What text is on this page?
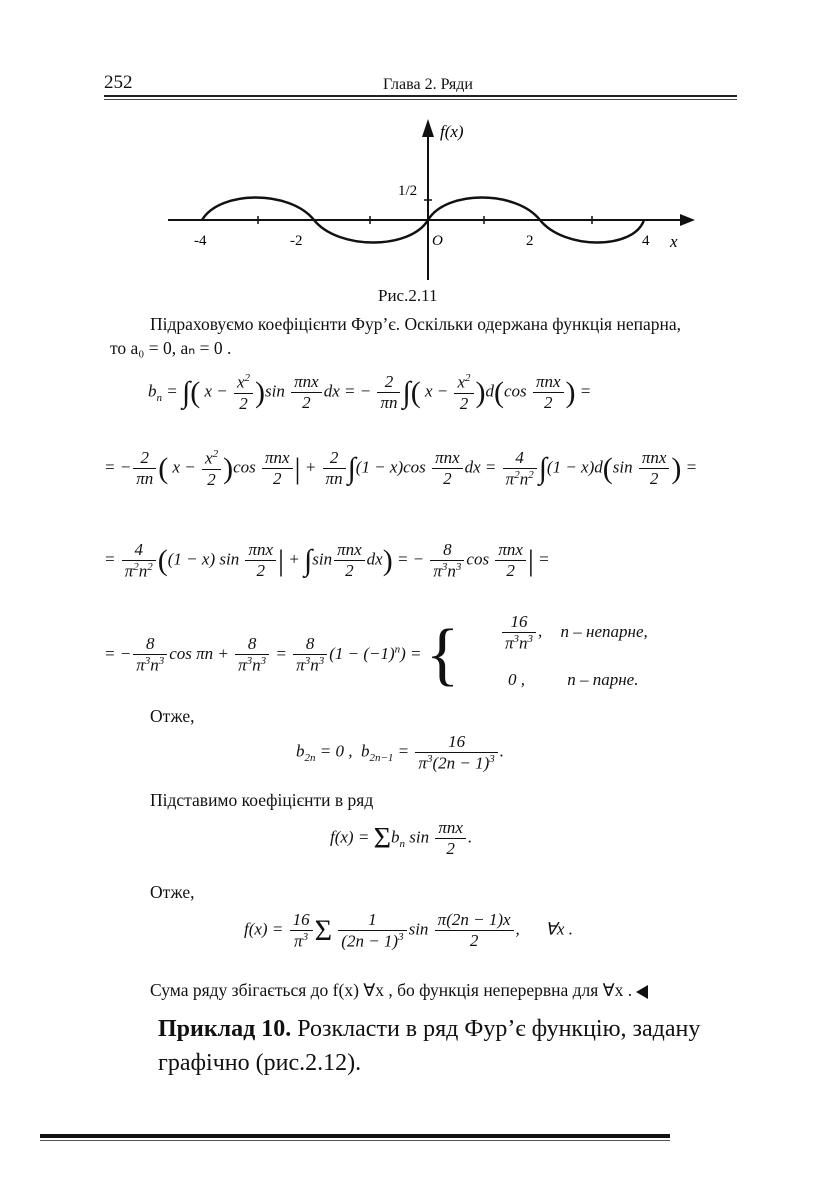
252	Глава 2. Ряди
f(x)
x
1/2
-4	-2	O	2	4
Рис.2.11
Підраховуємо коефіцієнти Фур’є. Оскільки одержана функція непарна,
то a₀ = 0, aₙ = 0 .
$b_n$ = ∫( $x - \frac{x^2}{2} )\sin \frac{\text{πnx}}{2}$ dx = − $\frac{2}{\pi n}$ ∫( $x - \frac{x^2}{2} )d(\cos \frac{\text{πnx}}{2}$ ) =
= − $\frac{2}{\pi n}$ ( $x - \frac{x^2}{2} )\cos \frac{\text{πnx}}{2}$ | + $\frac{2}{\pi n} \int(1 - x)\cos \frac{\text{πnx}}{2}$ dx = $\frac{4}{\pi^2n^2} \int(1 - x)d(\sin \frac{\text{πnx}}{2}$ ) =
= $\frac{4}{\pi^2n^2} ((1 - x)$ $\sin \frac{\text{πnx}}{2}$ | + $\int\sin \frac{\text{πnx}}{2} dx$) = − $\frac{8}{\pi^3n^3}$ $\cos \frac{\text{πnx}}{2}$ | =
= − $\frac{8}{\pi^3n^3}$ $\cos \pi n + \frac{8}{\pi^3n^3} = \frac{8}{\pi^3n^3} (1 - (-1)^n)$ = {	$\frac{16}{\pi^3n^3}$ , n – непарне,
0 , n – парне.
Отже,
$b_{2n} = 0$ ,  $b_{2n-1} = \frac{16}{\pi^3(2n - 1)^3}$ .
Підставимо коефіцієнти в ряд
$f(x) = \Sigma b_n$ $\sin \frac{\text{πnx}}{2}$ .
Отже,
$f(x) = \frac{16}{\pi^3}$ Σ $\frac{1}{(2n - 1)^3}$ $\sin \frac{\pi(2n - 1)x}{2}$ ,      ∀x .
Сума ряду збігається до f(x) ∀x , бо функція неперервна для ∀x .
Приклад 10. Розкласти в ряд Фур’є функцію, задану графічно (рис.2.12).
